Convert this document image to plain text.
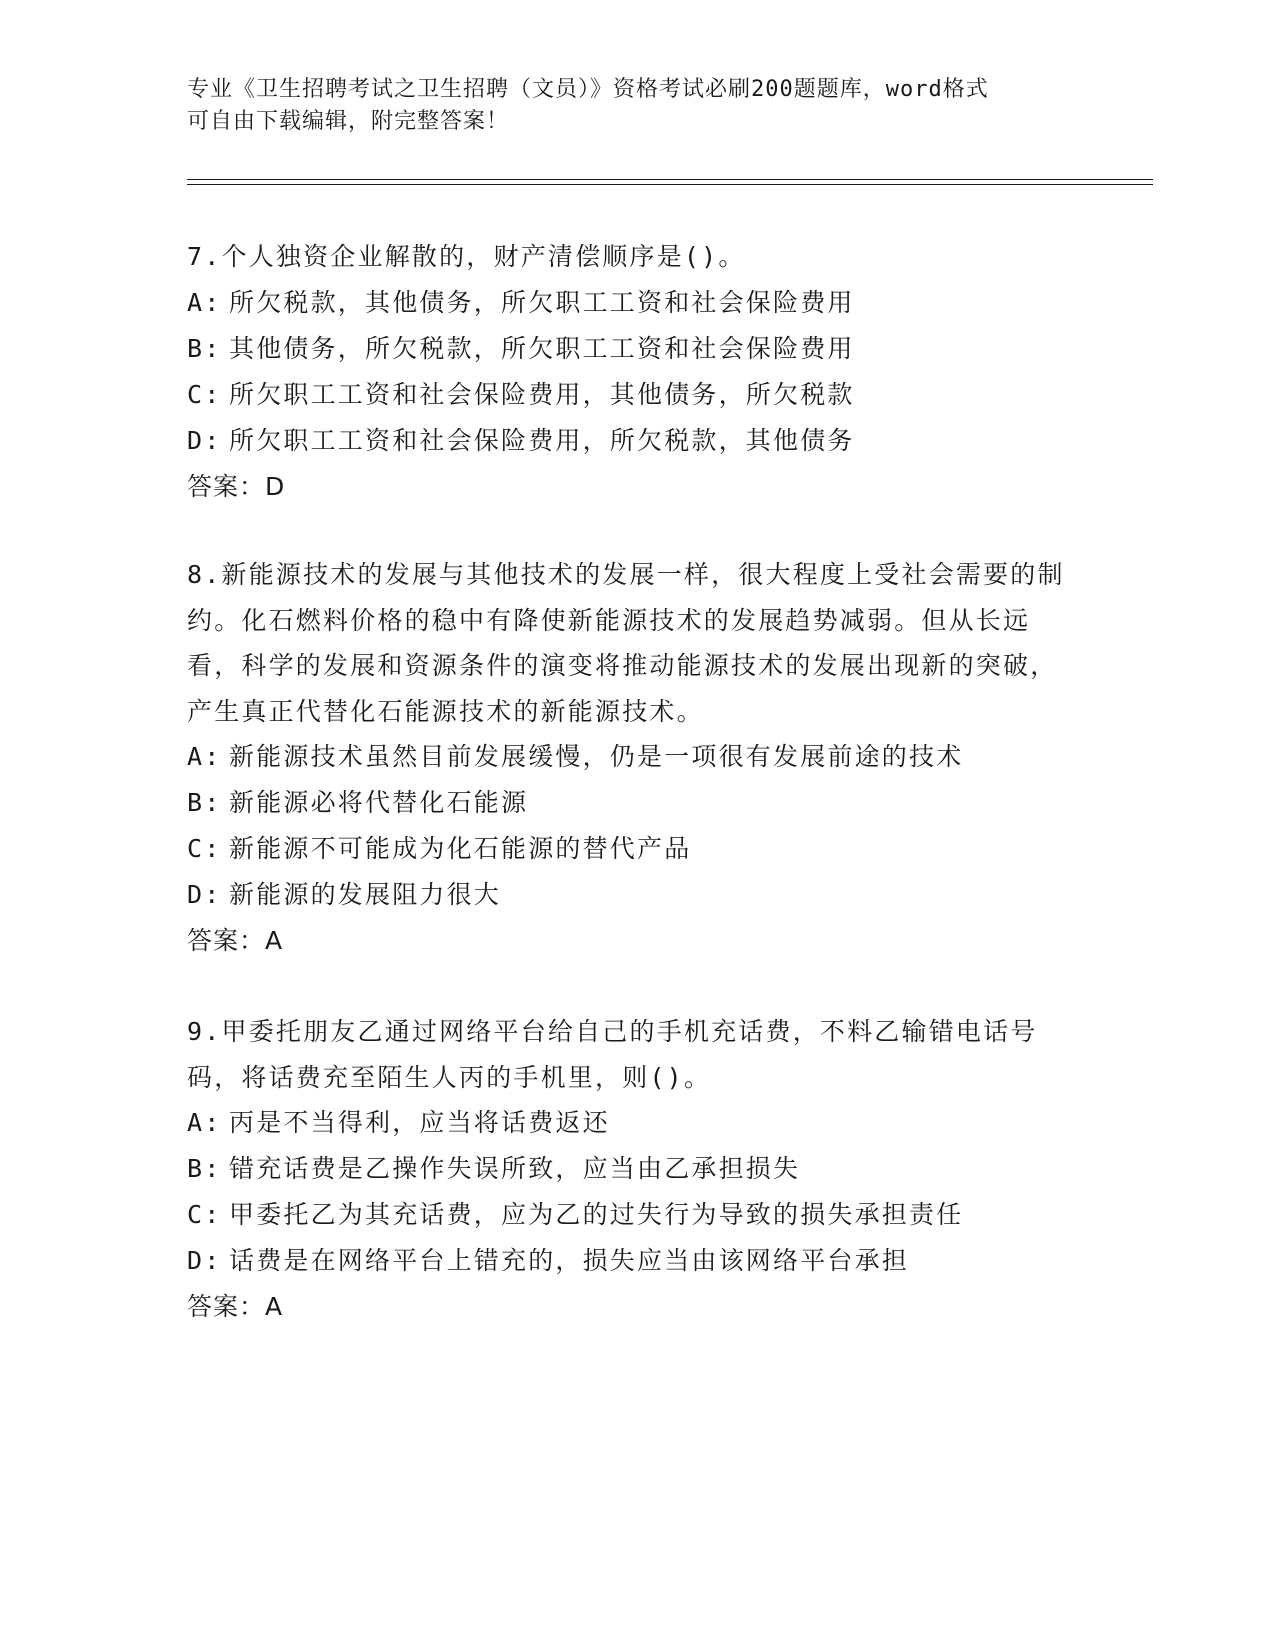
专业《卫生招聘考试之卫生招聘（文员）》资格考试必刷200题题库，word格式
可自由下载编辑，附完整答案！
7.个人独资企业解散的，财产清偿顺序是()。
A: 所欠税款，其他债务，所欠职工工资和社会保险费用
B: 其他债务，所欠税款，所欠职工工资和社会保险费用
C: 所欠职工工资和社会保险费用，其他债务，所欠税款
D: 所欠职工工资和社会保险费用，所欠税款，其他债务
答案：D
8.新能源技术的发展与其他技术的发展一样，很大程度上受社会需要的制约。化石燃料价格的稳中有降使新能源技术的发展趋势减弱。但从长远看，科学的发展和资源条件的演变将推动能源技术的发展出现新的突破，产生真正代替化石能源技术的新能源技术。
A: 新能源技术虽然目前发展缓慢，仍是一项很有发展前途的技术
B: 新能源必将代替化石能源
C: 新能源不可能成为化石能源的替代产品
D: 新能源的发展阻力很大
答案：A
9.甲委托朋友乙通过网络平台给自己的手机充话费，不料乙输错电话号码，将话费充至陌生人丙的手机里，则()。
A: 丙是不当得利，应当将话费返还
B: 错充话费是乙操作失误所致，应当由乙承担损失
C: 甲委托乙为其充话费，应为乙的过失行为导致的损失承担责任
D: 话费是在网络平台上错充的，损失应当由该网络平台承担
答案：A
